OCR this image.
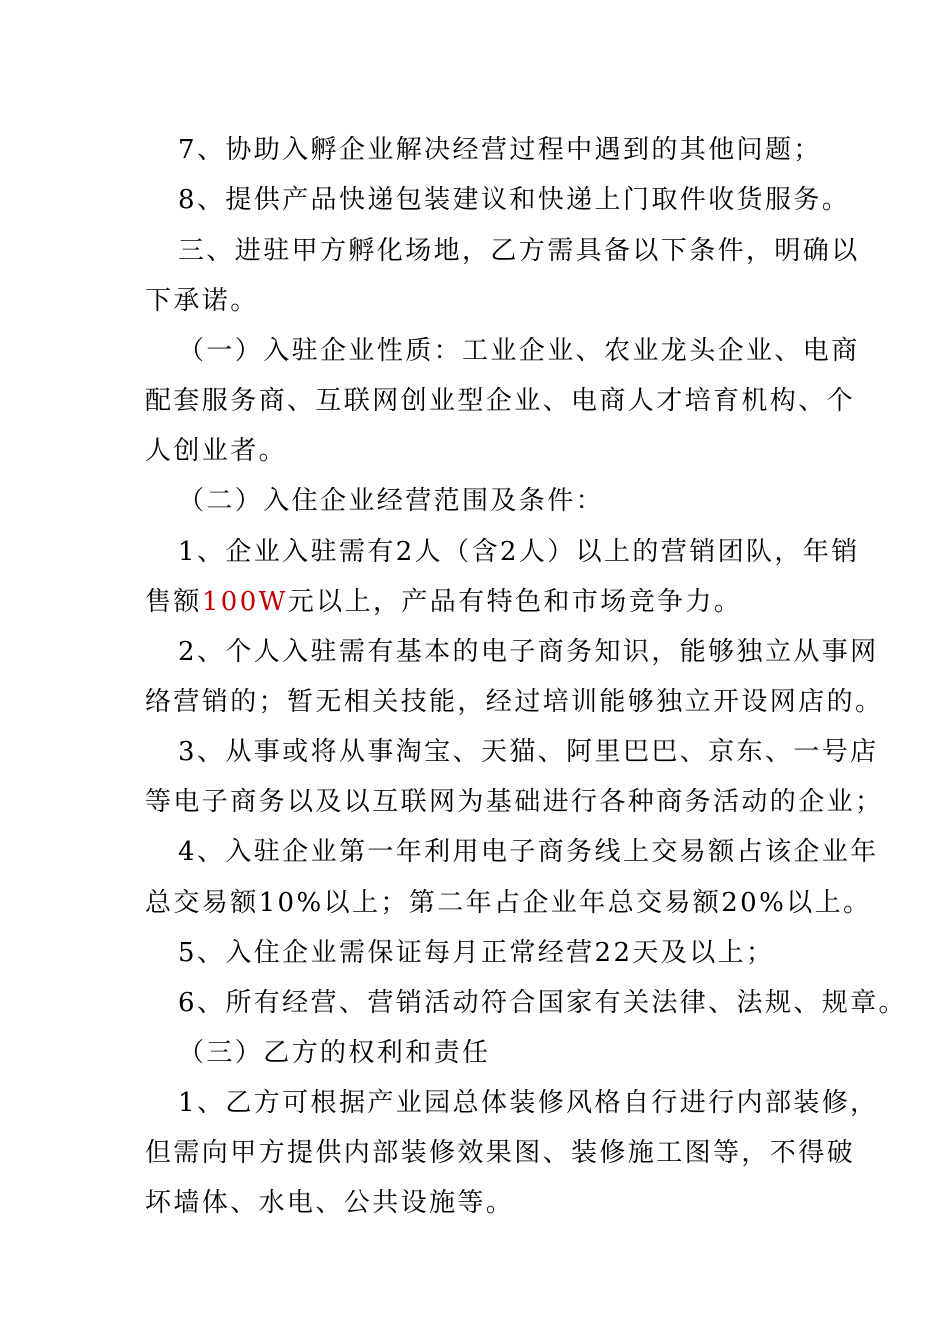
7、协助入孵企业解决经营过程中遇到的其他问题；

8、提供产品快递包装建议和快递上门取件收货服务。

三、进驻甲方孵化场地，乙方需具备以下条件，明确以

下承诺。

（一）入驻企业性质：工业企业、农业龙头企业、电商

配套服务商、互联网创业型企业、电商人才培育机构、个

人创业者。

（二）入住企业经营范围及条件：

1、企业入驻需有2人（含2人）以上的营销团队，年销

售额100W元以上，产品有特色和市场竞争力。

2、个人入驻需有基本的电子商务知识，能够独立从事网

络营销的；暂无相关技能，经过培训能够独立开设网店的。

3、从事或将从事淘宝、天猫、阿里巴巴、京东、一号店

等电子商务以及以互联网为基础进行各种商务活动的企业；

4、入驻企业第一年利用电子商务线上交易额占该企业年

总交易额10%以上；第二年占企业年总交易额20%以上。

5、入住企业需保证每月正常经营22天及以上；

6、所有经营、营销活动符合国家有关法律、法规、规章。

（三）乙方的权利和责任

1、乙方可根据产业园总体装修风格自行进行内部装修，

但需向甲方提供内部装修效果图、装修施工图等，不得破

坏墙体、水电、公共设施等。
